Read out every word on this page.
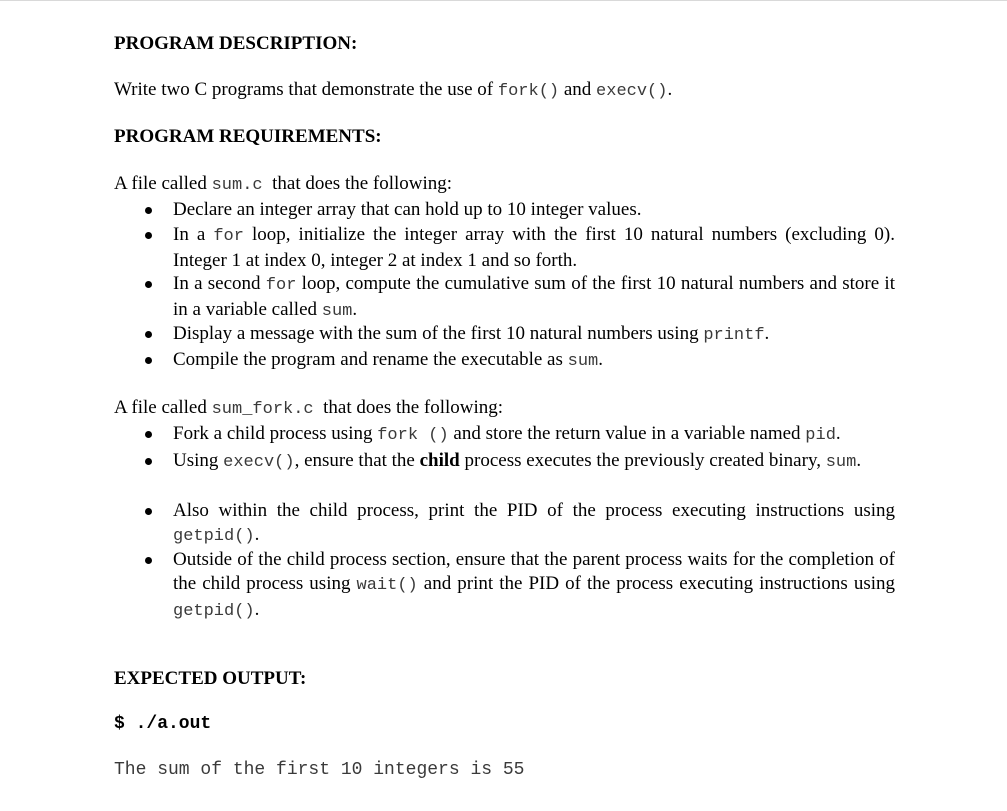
PROGRAM DESCRIPTION:

Write two C programs that demonstrate the use of fork() and execv().

PROGRAM REQUIREMENTS:

A file called sum.c  that does the following:

Declare an integer array that can hold up to 10 integer values.
In a for loop, initialize the integer array with the first 10 natural numbers (excluding 0). Integer 1 at index 0, integer 2 at index 1 and so forth.
In a second for loop, compute the cumulative sum of the first 10 natural numbers and store it in a variable called sum.
Display a message with the sum of the first 10 natural numbers using printf.
Compile the program and rename the executable as sum.

A file called sum_fork.c  that does the following:

Fork a child process using fork () and store the return value in a variable named pid.
Using execv(), ensure that the child process executes the previously created binary, sum.
Also within the child process, print the PID of the process executing instructions using getpid().
Outside of the child process section, ensure that the parent process waits for the completion of the child process using wait() and print the PID of the process executing instructions using getpid().
EXPECTED OUTPUT:
$ ./a.out
The sum of the first 10 integers is 55
